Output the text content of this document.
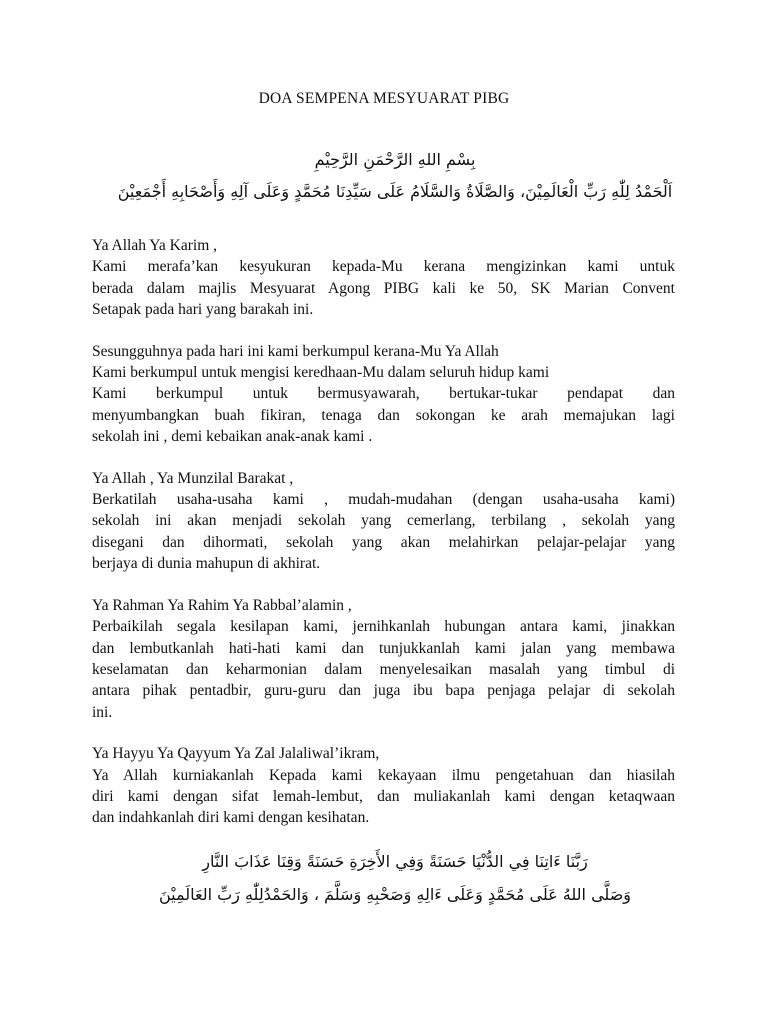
DOA SEMPENA MESYUARAT PIBG
بِسْمِ اللهِ الرَّحْمَنِ الرَّحِيْمِ
اَلْحَمْدُ لِلّٰهِ رَبِّ الْعَالَمِيْنَ، وَالصَّلَاةُ وَالسَّلَامُ عَلَى سَيِّدِنَا مُحَمَّدٍ وَعَلَى آلِهِ وَأَصْحَابِهِ أَجْمَعِيْنَ

Ya Allah Ya Karim ,
Kami merafa’kan kesyukuran kepada-Mu kerana mengizinkan kami untuk
berada dalam majlis Mesyuarat Agong PIBG kali ke 50, SK Marian Convent
Setapak pada hari yang barakah ini.

Sesungguhnya pada hari ini kami berkumpul kerana-Mu Ya Allah
Kami berkumpul untuk mengisi keredhaan-Mu dalam seluruh hidup kami
Kami berkumpul untuk bermusyawarah, bertukar-tukar pendapat dan
menyumbangkan buah fikiran, tenaga dan sokongan ke arah memajukan lagi
sekolah ini , demi kebaikan anak-anak kami .

Ya Allah , Ya Munzilal Barakat ,
Berkatilah usaha-usaha kami , mudah-mudahan (dengan usaha-usaha kami)
sekolah ini akan menjadi sekolah yang cemerlang, terbilang , sekolah yang
disegani dan dihormati, sekolah yang akan melahirkan pelajar-pelajar yang
berjaya di dunia mahupun di akhirat.

Ya Rahman Ya Rahim Ya Rabbal’alamin ,
Perbaikilah segala kesilapan kami, jernihkanlah hubungan antara kami, jinakkan
dan lembutkanlah hati-hati kami dan tunjukkanlah kami jalan yang membawa
keselamatan dan keharmonian dalam menyelesaikan masalah yang timbul di
antara pihak pentadbir, guru-guru dan juga ibu bapa penjaga pelajar di sekolah
ini.

Ya Hayyu Ya Qayyum Ya Zal Jalaliwal’ikram,
Ya Allah kurniakanlah Kepada kami kekayaan ilmu pengetahuan dan hiasilah
diri kami dengan sifat lemah-lembut, dan muliakanlah kami dengan ketaqwaan
dan indahkanlah diri kami dengan kesihatan.

رَبَّنَا ءَاتِنَا فِي الدُّنْيَا حَسَنَةً وَفِي الأَخِرَةِ حَسَنَةً وَقِنَا عَذَابَ النَّارِ
وَصَلَّى اللهُ عَلَى مُحَمَّدٍ وَعَلَى ءَالِهِ وَصَحْبِهِ وَسَلَّمَ ، وَالحَمْدُلِلّٰهِ رَبِّ العَالَمِيْنَ
